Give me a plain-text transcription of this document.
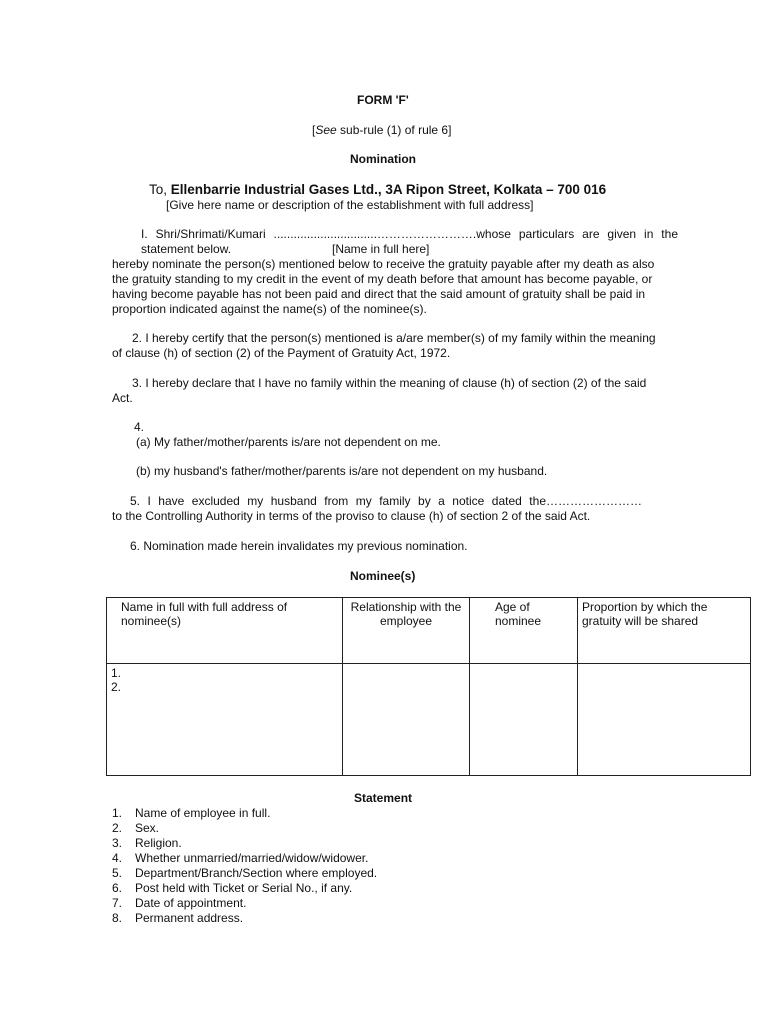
FORM 'F'
[See sub-rule (1) of rule 6]
Nomination
To, Ellenbarrie Industrial Gases Ltd., 3A Ripon Street, Kolkata – 700 016
[Give here name or description of the establishment with full address]
I. Shri/Shrimati/Kumari ...............................…………………….whose particulars are given in the
statement below.	[Name in full here]
hereby nominate the person(s) mentioned below to receive the gratuity payable after my death as also the gratuity standing to my credit in the event of my death before that amount has become payable, or having become payable has not been paid and direct that the said amount of gratuity shall be paid in proportion indicated against the name(s) of the nominee(s).
2. I hereby certify that the person(s) mentioned is a/are member(s) of my family within the meaning of clause (h) of section (2) of the Payment of Gratuity Act, 1972.
3. I hereby declare that I have no family within the meaning of clause (h) of section (2) of the said Act.
4.
(a) My father/mother/parents is/are not dependent on me.
(b) my husband's father/mother/parents is/are not dependent on my husband.
5. I have excluded my husband from my family by a notice dated the……………………
to the Controlling Authority in terms of the proviso to clause (h) of section 2 of the said Act.
6. Nomination made herein invalidates my previous nomination.
Nominee(s)
Name in full with full address of nominee(s)	Relationship with the employee	Age of nominee	Proportion by which the gratuity will be shared

1.
2.			

Statement
1. Name of employee in full.
2. Sex.
3. Religion.
4. Whether unmarried/married/widow/widower.
5. Department/Branch/Section where employed.
6. Post held with Ticket or Serial No., if any.
7. Date of appointment.
8. Permanent address.
